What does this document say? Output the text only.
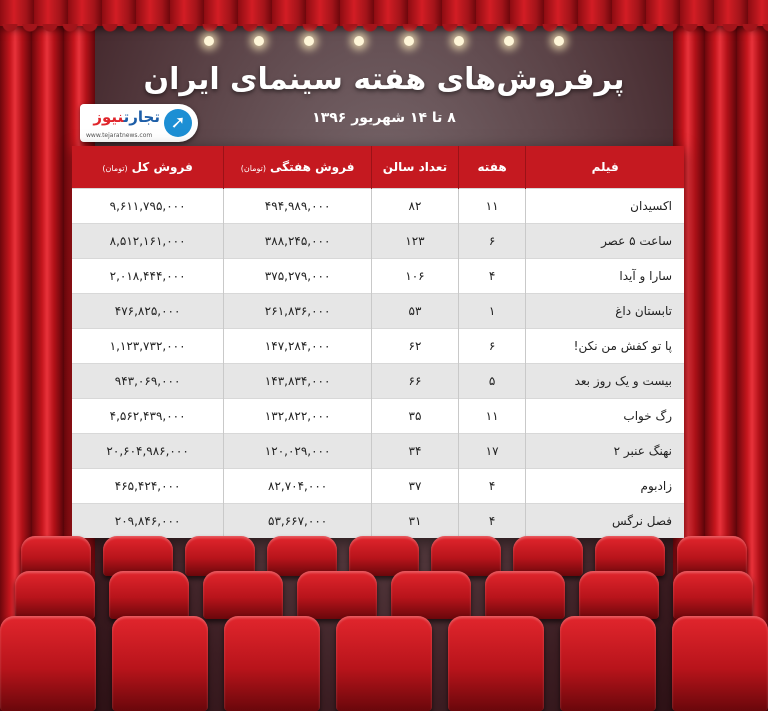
پرفروش‌های هفته سینمای ایران
۸ تا ۱۴ شهریور ۱۳۹۶
➚
تجارتنیوز
www.tejaratnews.com
فیلم	هفته	تعداد سالن	فروش هفتگی(تومان)	فروش کل(تومان)
اکسیدان	۱۱	۸۲	۴۹۴,۹۸۹,۰۰۰	۹,۶۱۱,۷۹۵,۰۰۰
ساعت ۵ عصر	۶	۱۲۳	۳۸۸,۲۴۵,۰۰۰	۸,۵۱۲,۱۶۱,۰۰۰
سارا و آیدا	۴	۱۰۶	۳۷۵,۲۷۹,۰۰۰	۲,۰۱۸,۴۴۴,۰۰۰
تابستان داغ	۱	۵۳	۲۶۱,۸۳۶,۰۰۰	۴۷۶,۸۲۵,۰۰۰
پا تو کفش من نکن!	۶	۶۲	۱۴۷,۲۸۴,۰۰۰	۱,۱۲۳,۷۳۲,۰۰۰
بیست و یک روز بعد	۵	۶۶	۱۴۳,۸۳۴,۰۰۰	۹۴۳,۰۶۹,۰۰۰
رگ خواب	۱۱	۳۵	۱۳۲,۸۲۲,۰۰۰	۴,۵۶۲,۴۳۹,۰۰۰
نهنگ عنبر ۲	۱۷	۳۴	۱۲۰,۰۲۹,۰۰۰	۲۰,۶۰۴,۹۸۶,۰۰۰
زادبوم	۴	۳۷	۸۲,۷۰۴,۰۰۰	۴۶۵,۴۲۴,۰۰۰
فصل نرگس	۴	۳۱	۵۳,۶۶۷,۰۰۰	۲۰۹,۸۴۶,۰۰۰
